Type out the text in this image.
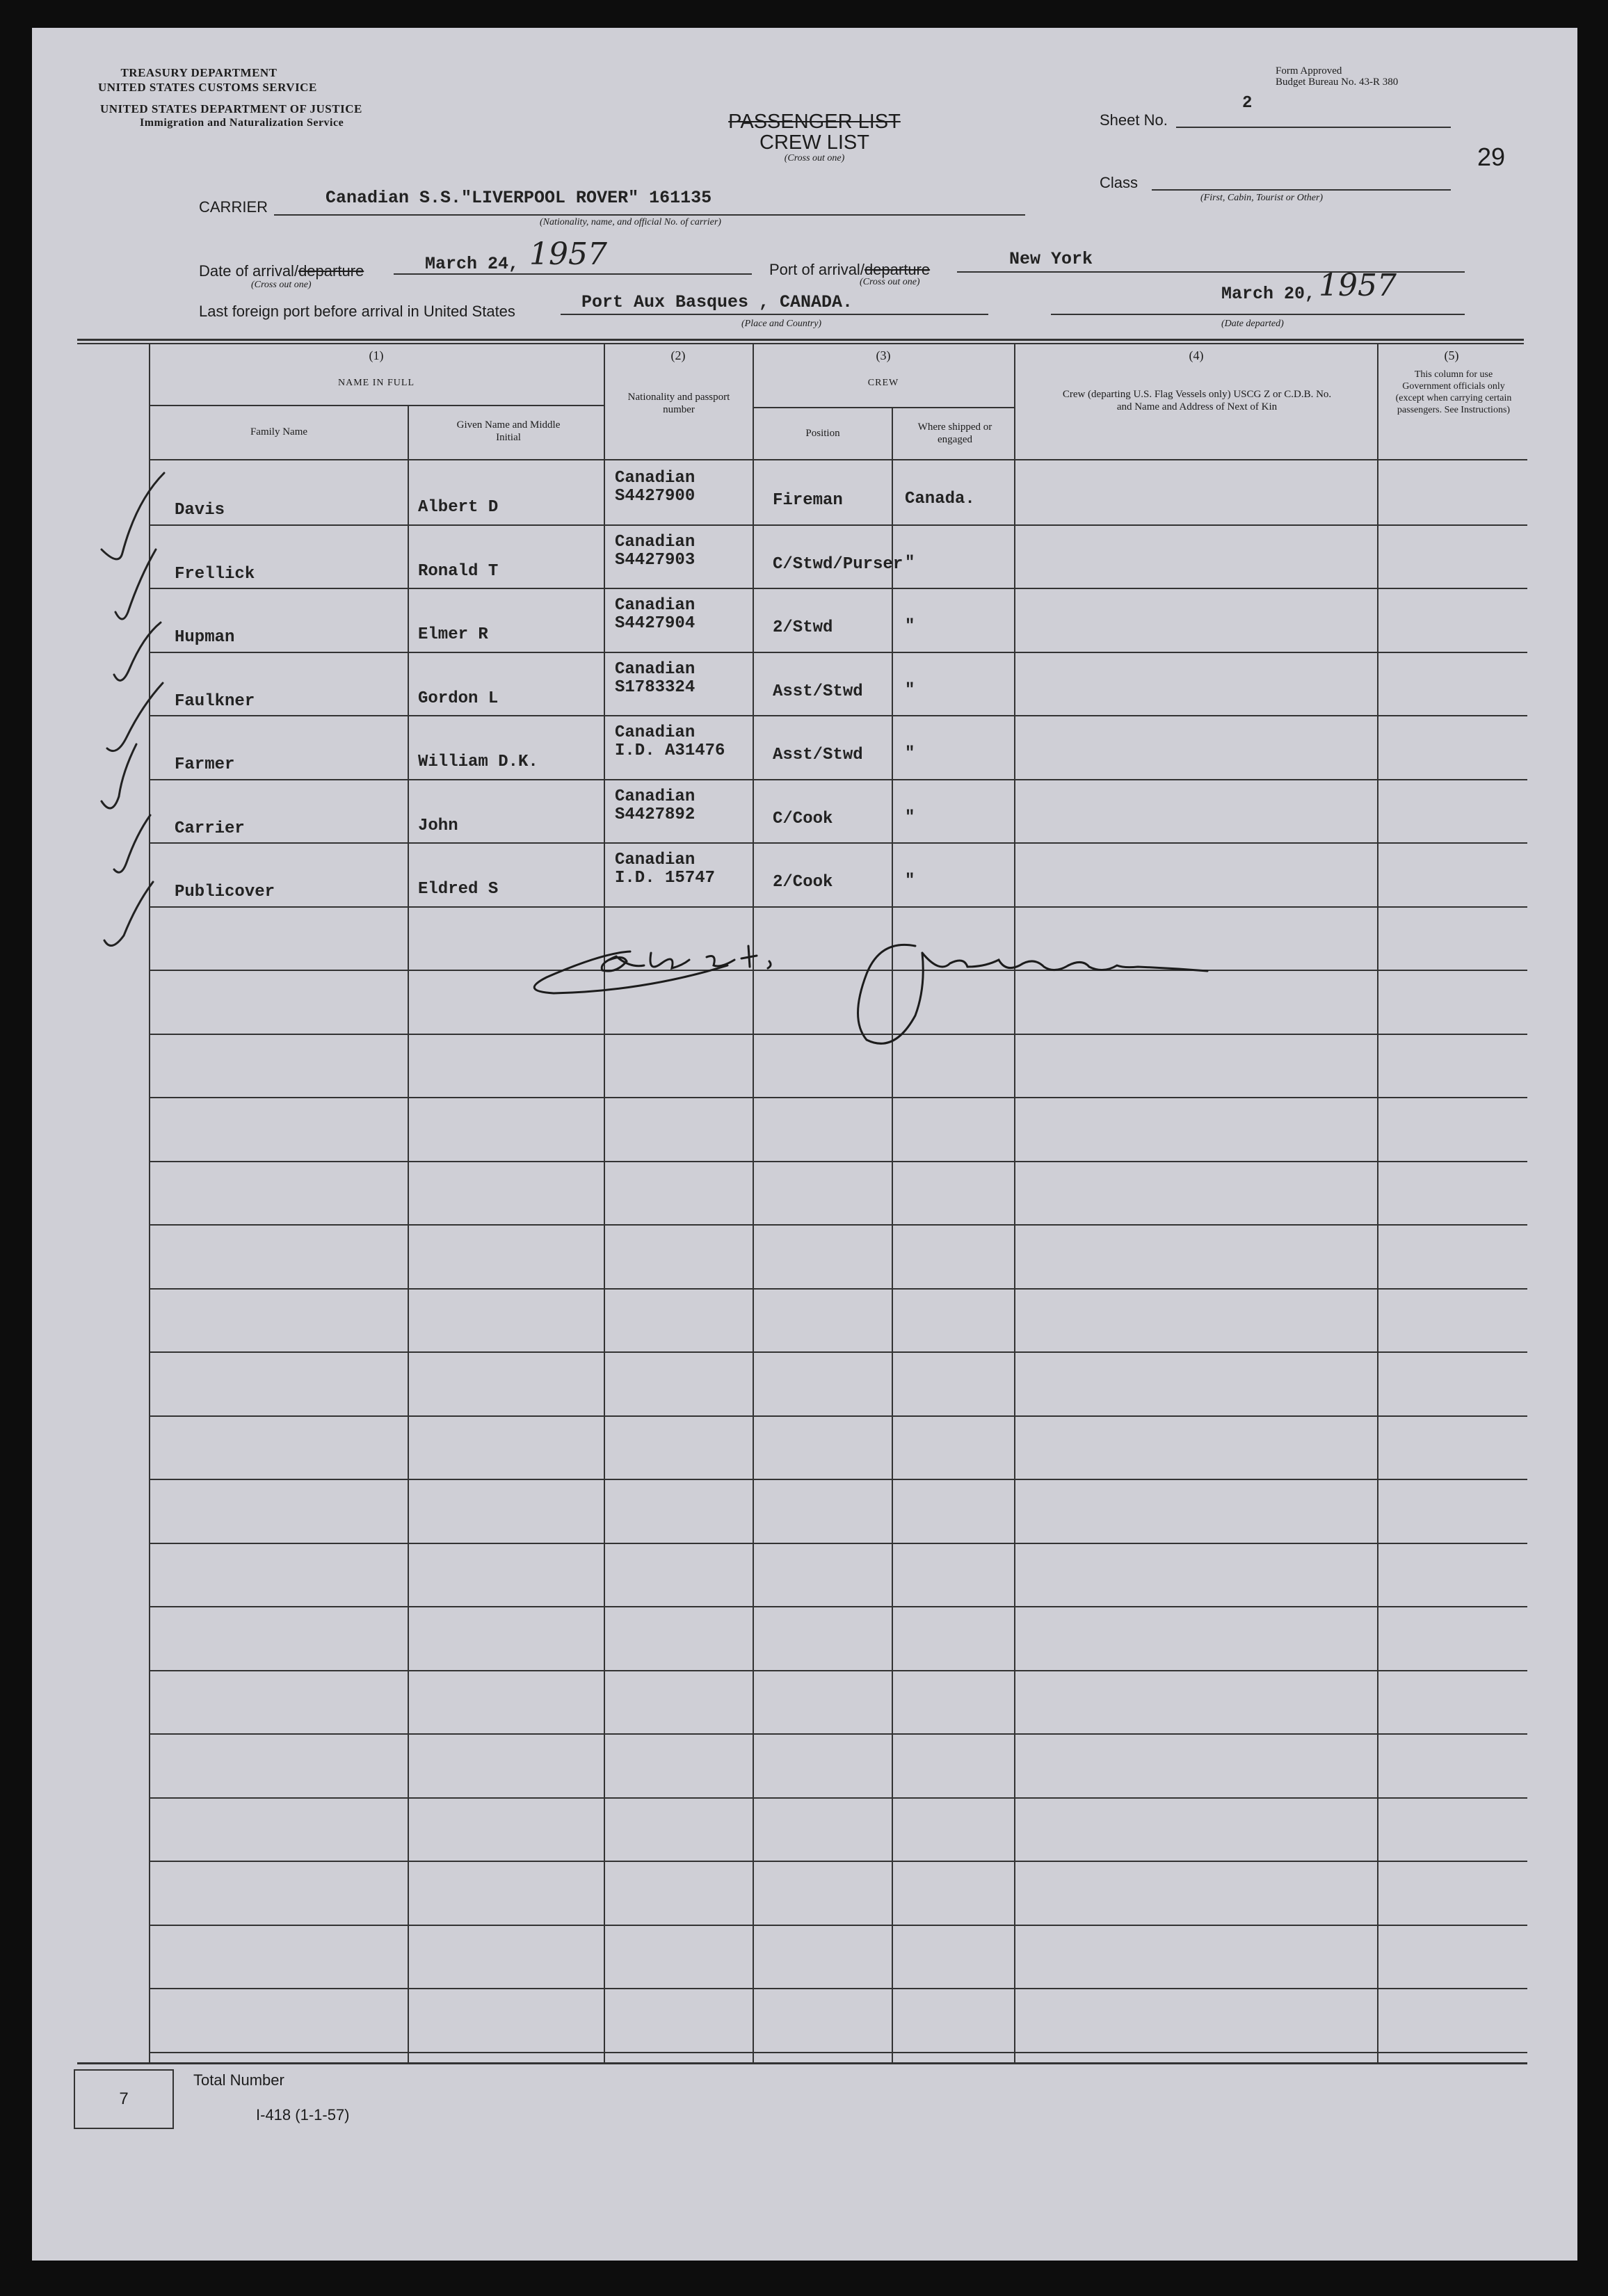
TREASURY DEPARTMENT
UNITED STATES CUSTOMS SERVICE
UNITED STATES DEPARTMENT OF JUSTICE
Immigration and Naturalization Service
Form Approved
Budget Bureau No. 43-R 380
PASSENGER LIST
CREW LIST
(Cross out one)
Sheet No.
2
29
Class
(First, Cabin, Tourist or Other)
CARRIER	Canadian S.S."LIVERPOOL ROVER" 161135
(Nationality, name, and official No. of carrier)
Date of arrival/departure
(Cross out one)
March 24, 1957	Port of arrival/departure
(Cross out one)
New York
Last foreign port before arrival in United States	Port Aux Basques , CANADA.
(Place and Country)
March 20, 1957
(Date departed)
(1)
NAME IN FULL
Family Name
Given Name and Middle Initial
(2)
Nationality and passport number
(3)
CREW
Position
Where shipped or engaged
(4)
Crew (departing U.S. Flag Vessels only) USCG Z or C.D.B. No. and Name and Address of Next of Kin
(5)
This column for use Government officials only (except when carrying certain passengers. See Instructions)
Davis	Albert D
Canadian
S4427900	Fireman	Canada.
Frellick	Ronald T
Canadian
S4427903	C/Stwd/Purser "
Hupman	Elmer R
Canadian
S4427904	2/Stwd	"
Faulkner	Gordon L
Canadian
S1783324	Asst/Stwd	"
Farmer	William D.K.
Canadian
I.D. A31476	Asst/Stwd	"
Carrier	John
Canadian
S4427892	C/Cook	"
Publicover	Eldred S
Canadian
I.D. 15747	2/Cook	"
7
Total Number
I-418 (1-1-57)
